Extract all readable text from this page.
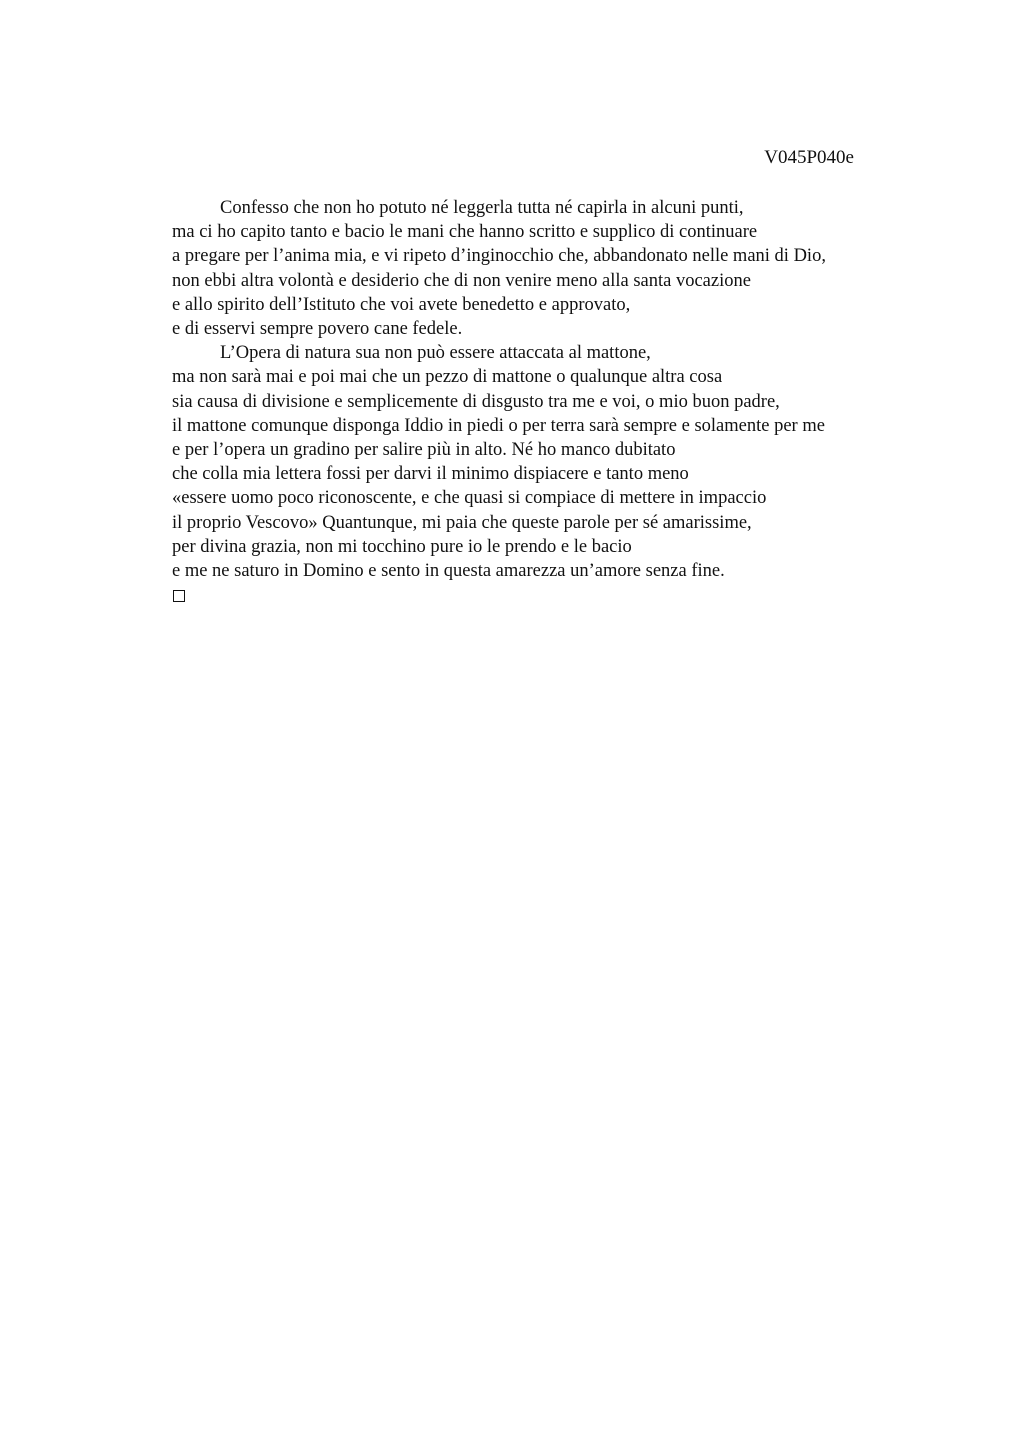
V045P040e
Confesso che non ho potuto né leggerla tutta né capirla in alcuni punti,
ma ci ho capito tanto e bacio le mani che hanno scritto e supplico di continuare
a pregare per l’anima mia, e vi ripeto d’inginocchio che, abbandonato nelle mani di Dio,
non ebbi altra volontà e desiderio che di non venire meno alla santa vocazione
e allo spirito dell’Istituto che voi avete benedetto e approvato,
e di esservi sempre povero cane fedele.
L’Opera di natura sua non può essere attaccata al mattone,
ma non sarà mai e poi mai che un pezzo di mattone o qualunque altra cosa
sia causa di divisione e semplicemente di disgusto tra me e voi, o mio buon padre,
il mattone comunque disponga Iddio in piedi o per terra sarà sempre e solamente per me
e per l’opera un gradino per salire più in alto. Né ho manco dubitato
che colla mia lettera fossi per darvi il minimo dispiacere e tanto meno
«essere uomo poco riconoscente, e che quasi si compiace di mettere in impaccio
il proprio Vescovo» Quantunque, mi paia che queste parole per sé amarissime,
per divina grazia, non mi tocchino pure io le prendo e le bacio
e me ne saturo in Domino e sento in questa amarezza un’amore senza fine.
